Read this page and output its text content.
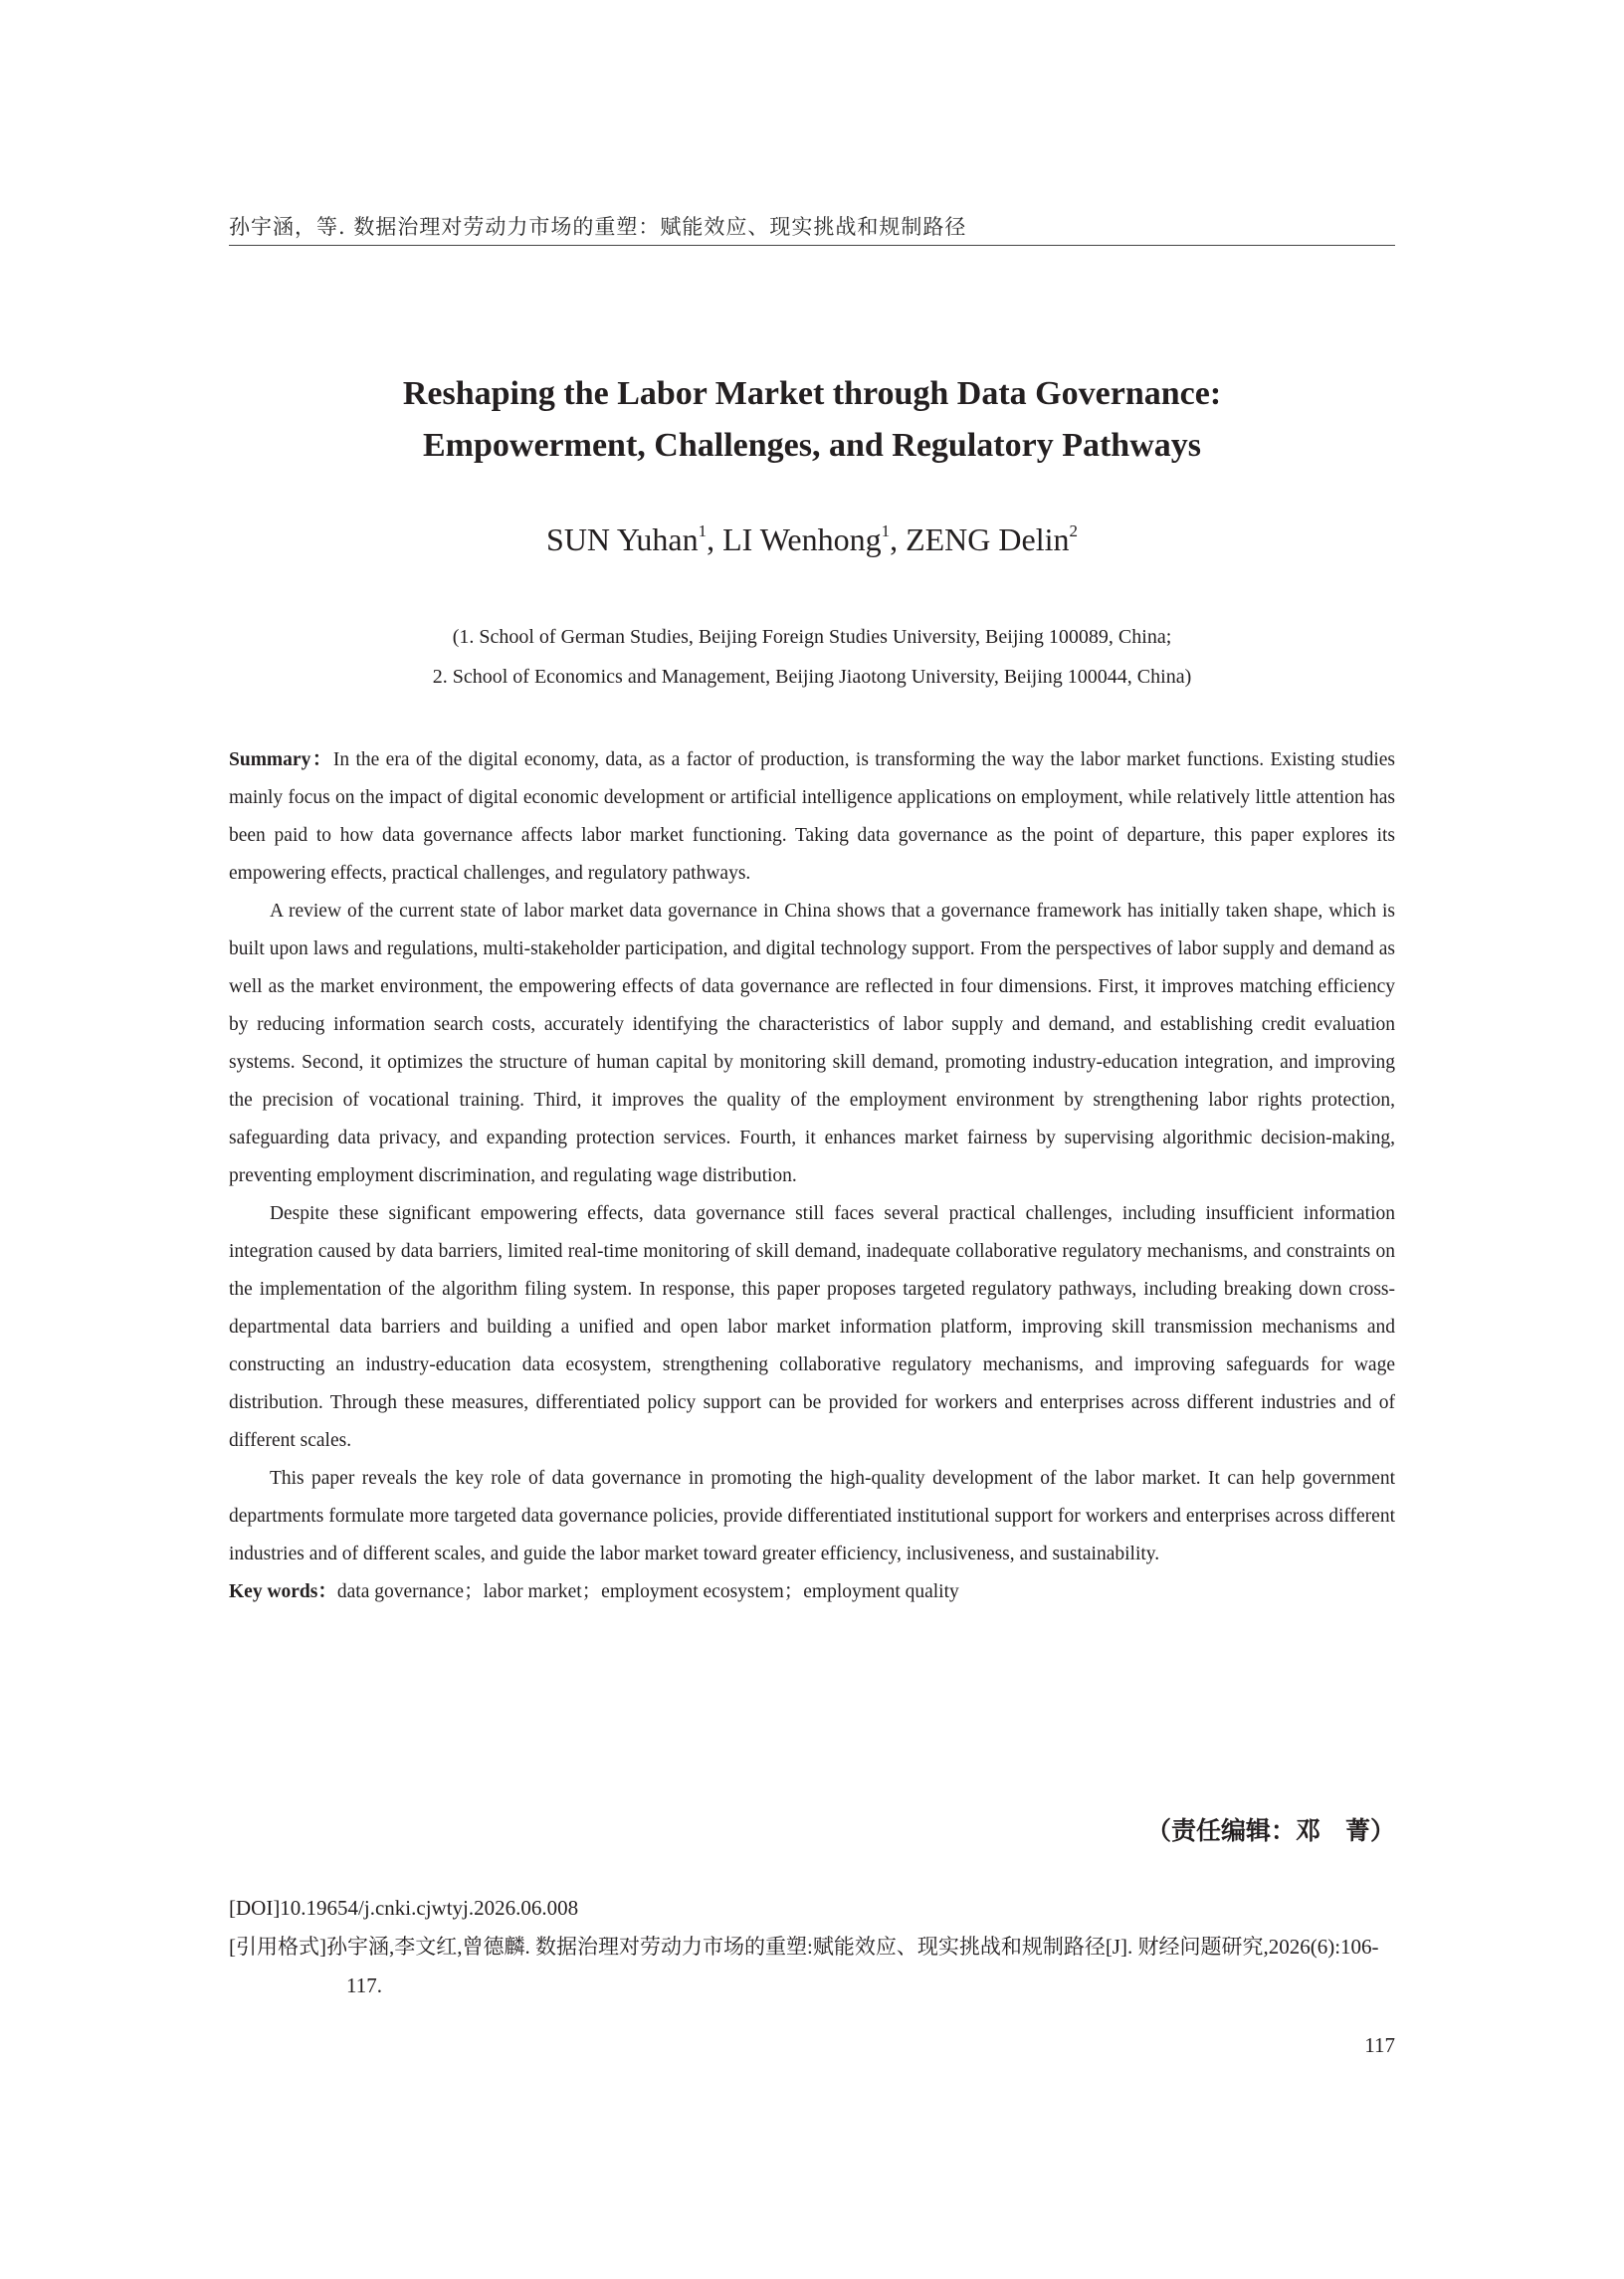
孙宇涵，等. 数据治理对劳动力市场的重塑：赋能效应、现实挑战和规制路径
Reshaping the Labor Market through Data Governance:
Empowerment, Challenges, and Regulatory Pathways
SUN Yuhan$^1$, LI Wenhong$^1$, ZENG Delin$^2$
(1. School of German Studies, Beijing Foreign Studies University, Beijing 100089, China;
2. School of Economics and Management, Beijing Jiaotong University, Beijing 100044, China)

Summary：In the era of the digital economy, data, as a factor of production, is transforming the way the labor market functions. Existing studies mainly focus on the impact of digital economic development or artificial intelligence applications on employment, while relatively little attention has been paid to how data governance affects labor market functioning. Taking data governance as the point of departure, this paper explores its empowering effects, practical challenges, and regulatory pathways.

A review of the current state of labor market data governance in China shows that a governance framework has initially taken shape, which is built upon laws and regulations, multi-stakeholder participation, and digital technology support. From the perspectives of labor supply and demand as well as the market environment, the empowering effects of data governance are reflected in four dimensions. First, it improves matching efficiency by reducing information search costs, accurately identifying the characteristics of labor supply and demand, and establishing credit evaluation systems. Second, it optimizes the structure of human capital by monitoring skill demand, promoting industry-education integration, and improving the precision of vocational training. Third, it improves the quality of the employment environment by strengthening labor rights protection, safeguarding data privacy, and expanding protection services. Fourth, it enhances market fairness by supervising algorithmic decision-making, preventing employment discrimination, and regulating wage distribution.

Despite these significant empowering effects, data governance still faces several practical challenges, including insufficient information integration caused by data barriers, limited real-time monitoring of skill demand, inadequate collaborative regulatory mechanisms, and constraints on the implementation of the algorithm filing system. In response, this paper proposes targeted regulatory pathways, including breaking down cross-departmental data barriers and building a unified and open labor market information platform, improving skill transmission mechanisms and constructing an industry-education data ecosystem, strengthening collaborative regulatory mechanisms, and improving safeguards for wage distribution. Through these measures, differentiated policy support can be provided for workers and enterprises across different industries and of different scales.

This paper reveals the key role of data governance in promoting the high-quality development of the labor market. It can help government departments formulate more targeted data governance policies, provide differentiated institutional support for workers and enterprises across different industries and of different scales, and guide the labor market toward greater efficiency, inclusiveness, and sustainability.

Key words：data governance；labor market；employment ecosystem；employment quality

（责任编辑：邓　菁）

[DOI]10.19654/j.cnki.cjwtyj.2026.06.008

[引用格式]孙宇涵,李文红,曾德麟. 数据治理对劳动力市场的重塑:赋能效应、现实挑战和规制路径[J]. 财经问题研究,2026(6):106-117.

117
